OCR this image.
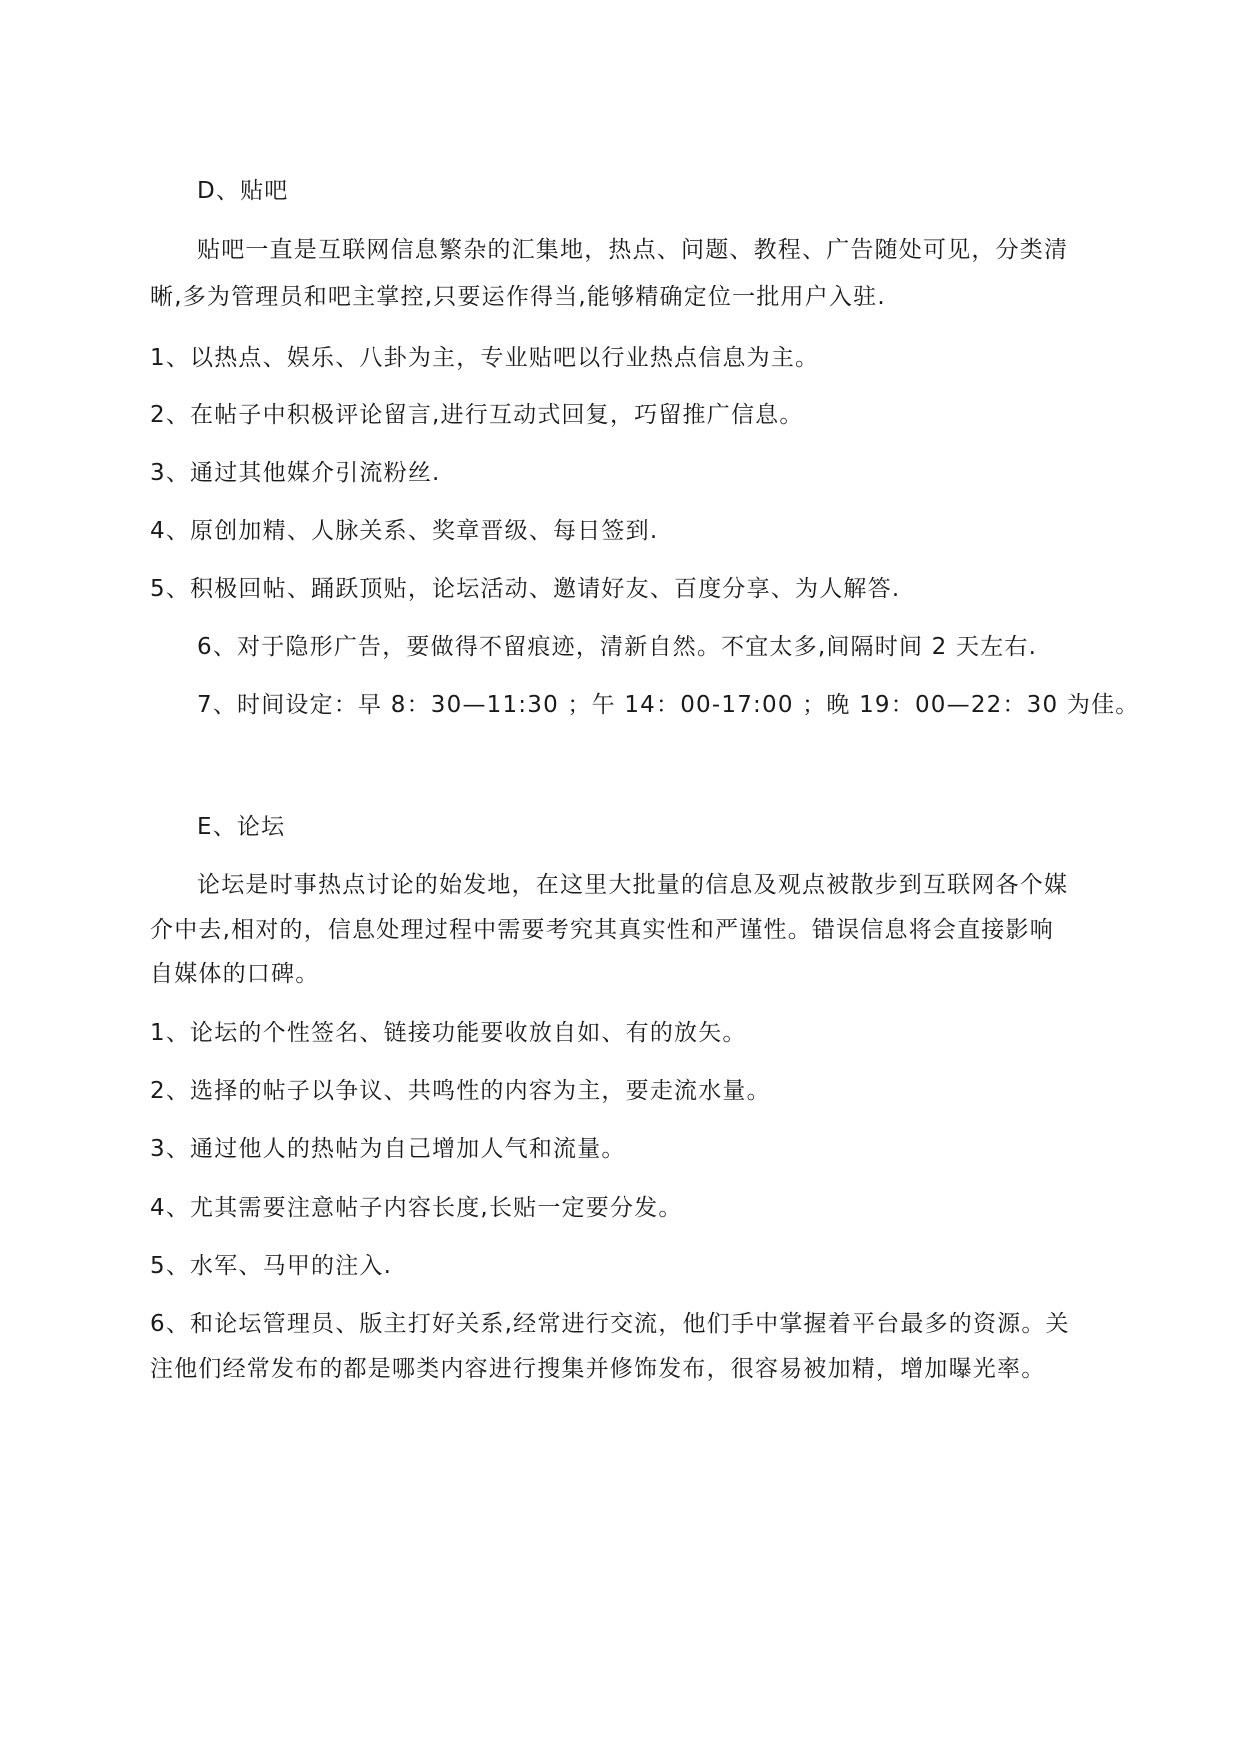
D、贴吧
贴吧一直是互联网信息繁杂的汇集地，热点、问题、教程、广告随处可见，分类清
晰,多为管理员和吧主掌控,只要运作得当,能够精确定位一批用户入驻.
1、以热点、娱乐、八卦为主，专业贴吧以行业热点信息为主。
2、在帖子中积极评论留言,进行互动式回复，巧留推广信息。
3、通过其他媒介引流粉丝.
4、原创加精、人脉关系、奖章晋级、每日签到.
5、积极回帖、踊跃顶贴，论坛活动、邀请好友、百度分享、为人解答.
6、对于隐形广告，要做得不留痕迹，清新自然。不宜太多,间隔时间 2 天左右.
7、时间设定：早 8：30—11:30 ；午 14：00-17:00 ；晚 19：00—22：30 为佳。
E、论坛
论坛是时事热点讨论的始发地，在这里大批量的信息及观点被散步到互联网各个媒
介中去,相对的，信息处理过程中需要考究其真实性和严谨性。错误信息将会直接影响
自媒体的口碑。
1、论坛的个性签名、链接功能要收放自如、有的放矢。
2、选择的帖子以争议、共鸣性的内容为主，要走流水量。
3、通过他人的热帖为自己增加人气和流量。
4、尤其需要注意帖子内容长度,长贴一定要分发。
5、水军、马甲的注入.
6、和论坛管理员、版主打好关系,经常进行交流，他们手中掌握着平台最多的资源。关
注他们经常发布的都是哪类内容进行搜集并修饰发布，很容易被加精，增加曝光率。
